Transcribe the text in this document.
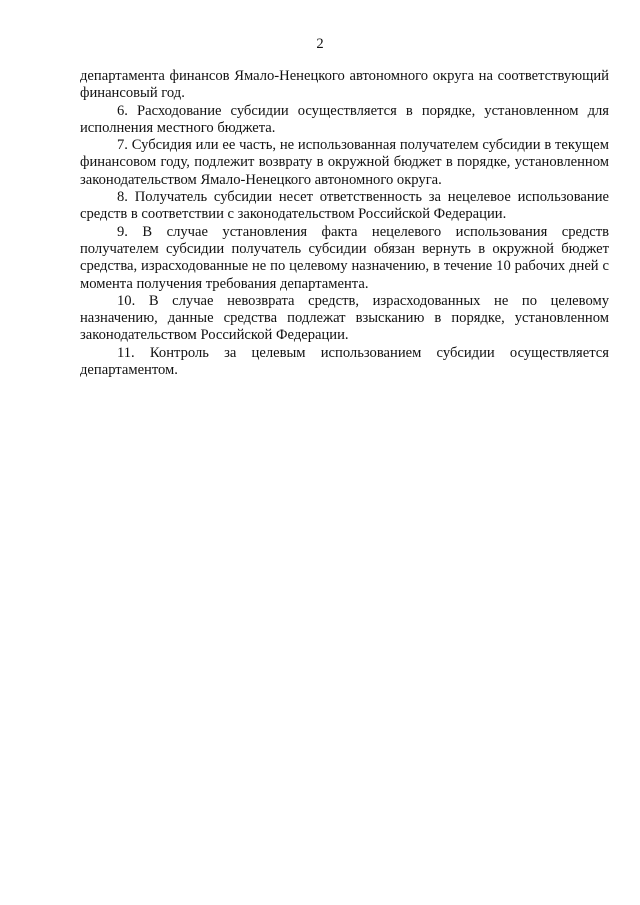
2

департамента финансов Ямало-Ненецкого автономного округа на соответствующий финансовый год.

6. Расходование субсидии осуществляется в порядке, установленном для исполнения местного бюджета.

7. Субсидия или ее часть, не использованная получателем субсидии в текущем финансовом году, подлежит возврату в окружной бюджет в порядке, установленном законодательством Ямало-Ненецкого автономного округа.

8. Получатель субсидии несет ответственность за нецелевое использование средств в соответствии с законодательством Российской Федерации.

9. В случае установления факта нецелевого использования средств получателем субсидии получатель субсидии обязан вернуть в окружной бюджет средства, израсходованные не по целевому назначению, в течение 10 рабочих дней с момента получения требования департамента.

10. В случае невозврата средств, израсходованных не по целевому назначению, данные средства подлежат взысканию в порядке, установленном законодательством Российской Федерации.

11. Контроль за целевым использованием субсидии осуществляется департаментом.
